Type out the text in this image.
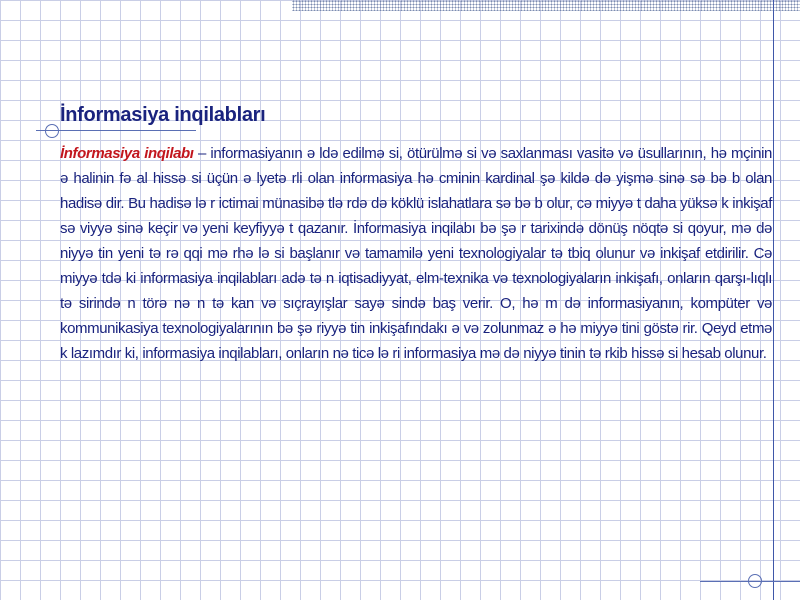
İnformasiya inqilabları

İnformasiya inqilabı – informasiyanın ə ldə edilmə si, ötürülmə si və saxlanması vasitə və üsullarının, hə mçinin ə halinin fə al hissə si üçün ə lyetə rli olan informasiya hə cminin kardinal şə kildə də yişmə sinə sə bə b olan hadisə dir. Bu hadisə lə r ictimai münasibə tlə rdə də köklü islahatlara sə bə b olur, cə miyyə t daha yüksə k inkişaf sə viyyə sinə keçir və yeni keyfiyyə t qazanır. İnformasiya inqilabı bə şə r tarixində dönüş nöqtə si qoyur, mə də niyyə tin yeni tə rə qqi mə rhə lə si başlanır və tamamilə yeni texnologiyalar tə tbiq olunur və inkişaf etdirilir. Cə miyyə tdə ki informasiya inqilabları adə tə n iqtisadiyyat, elm-texnika və texnologiyaların inkişafı, onların qarşı-lıqlı tə sirində n törə nə n tə kan və sıçrayışlar sayə sində baş verir. O, hə m də informasiyanın, kompüter və kommunikasiya texnologiyalarının bə şə riyyə tin inkişafındakı ə və zolunmaz ə hə miyyə tini göstə rir. Qeyd etmə k lazımdır ki, informasiya inqilabları, onların nə ticə lə ri informasiya mə də niyyə tinin tə rkib hissə si hesab olunur.
